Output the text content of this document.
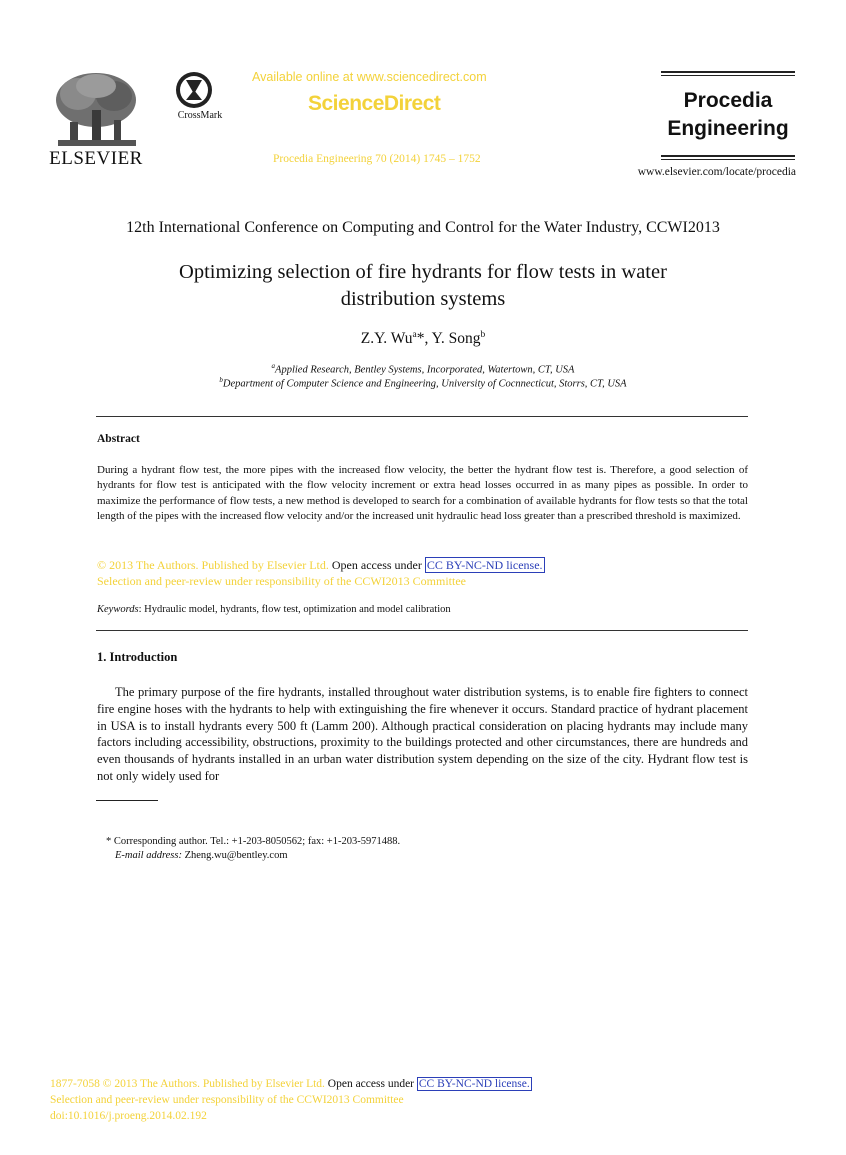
ELSEVIER
CrossMark
Available online at www.sciencedirect.com
ScienceDirect
Procedia Engineering 70 (2014) 1745 – 1752
Procedia
Engineering
www.elsevier.com/locate/procedia
12th International Conference on Computing and Control for the Water Industry, CCWI2013
Optimizing selection of fire hydrants for flow tests in water
distribution systems
Z.Y. Wu$^a$*, Y. Song$^b$
$^a$Applied Research, Bentley Systems, Incorporated, Watertown, CT, USA
$^b$Department of Computer Science and Engineering, University of Cocnnecticut, Storrs, CT, USA
Abstract
During a hydrant flow test, the more pipes with the increased flow velocity, the better the hydrant flow test is. Therefore, a good selection of hydrants for flow test is anticipated with the flow velocity increment or extra head losses occurred in as many pipes as possible. In order to maximize the performance of flow tests, a new method is developed to search for a combination of available hydrants for flow tests so that the total length of the pipes with the increased flow velocity and/or the increased unit hydraulic head loss greater than a prescribed threshold is maximized.
© 2013 The Authors. Published by Elsevier Ltd. Open access under CC BY-NC-ND license.
Selection and peer-review under responsibility of the CCWI2013 Committee
Keywords: Hydraulic model, hydrants, flow test, optimization and model calibration
1. Introduction
The primary purpose of the fire hydrants, installed throughout water distribution systems, is to enable fire fighters to connect fire engine hoses with the hydrants to help with extinguishing the fire whenever it occurs. Standard practice of hydrant placement in USA is to install hydrants every 500 ft (Lamm 200). Although practical consideration on placing hydrants may include many factors including accessibility, obstructions, proximity to the buildings protected and other circumstances, there are hundreds and even thousands of hydrants installed in an urban water distribution system depending on the size of the city. Hydrant flow test is not only widely used for
* Corresponding author. Tel.: +1-203-8050562; fax: +1-203-5971488.
E-mail address: Zheng.wu@bentley.com
1877-7058 © 2013 The Authors. Published by Elsevier Ltd. Open access under CC BY-NC-ND license.
Selection and peer-review under responsibility of the CCWI2013 Committee
doi:10.1016/j.proeng.2014.02.192
